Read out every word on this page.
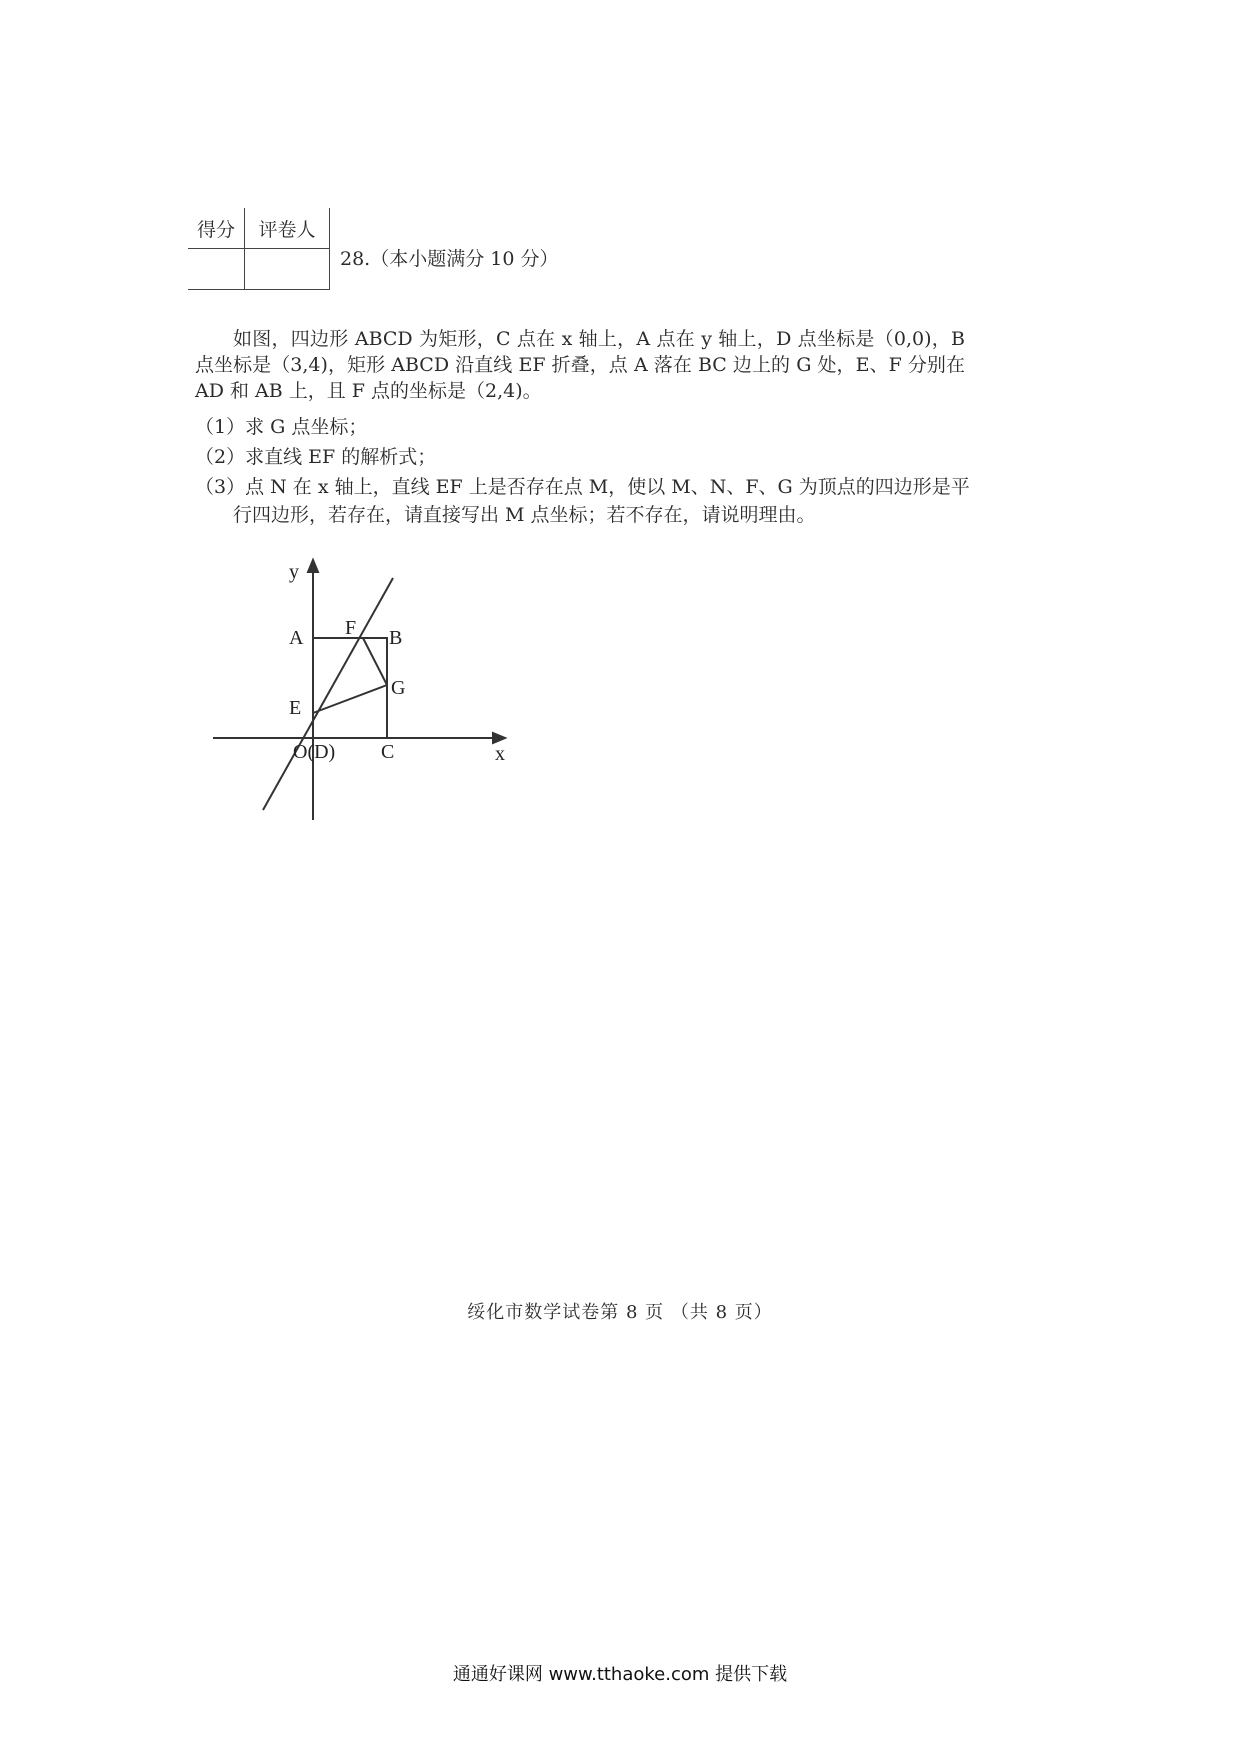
得分	评卷人

28.（本小题满分 10 分）
如图，四边形 ABCD 为矩形，C 点在 x 轴上，A 点在 y 轴上，D 点坐标是（0,0)，B 点坐标是（3,4)，矩形 ABCD 沿直线 EF 折叠，点 A 落在 BC 边上的 G 处，E、F 分别在 AD 和 AB 上，且 F 点的坐标是（2,4)。
（1）求 G 点坐标；
（2）求直线 EF 的解析式；
（3）点 N 在 x 轴上，直线 EF 上是否存在点 M，使以 M、N、F、G 为顶点的四边形是平
行四边形，若存在，请直接写出 M 点坐标；若不存在，请说明理由。
y
x
A F B
G
E
O(D) C
绥化市数学试卷第 8 页 （共 8 页）
通通好课网 www.tthaoke.com 提供下载
